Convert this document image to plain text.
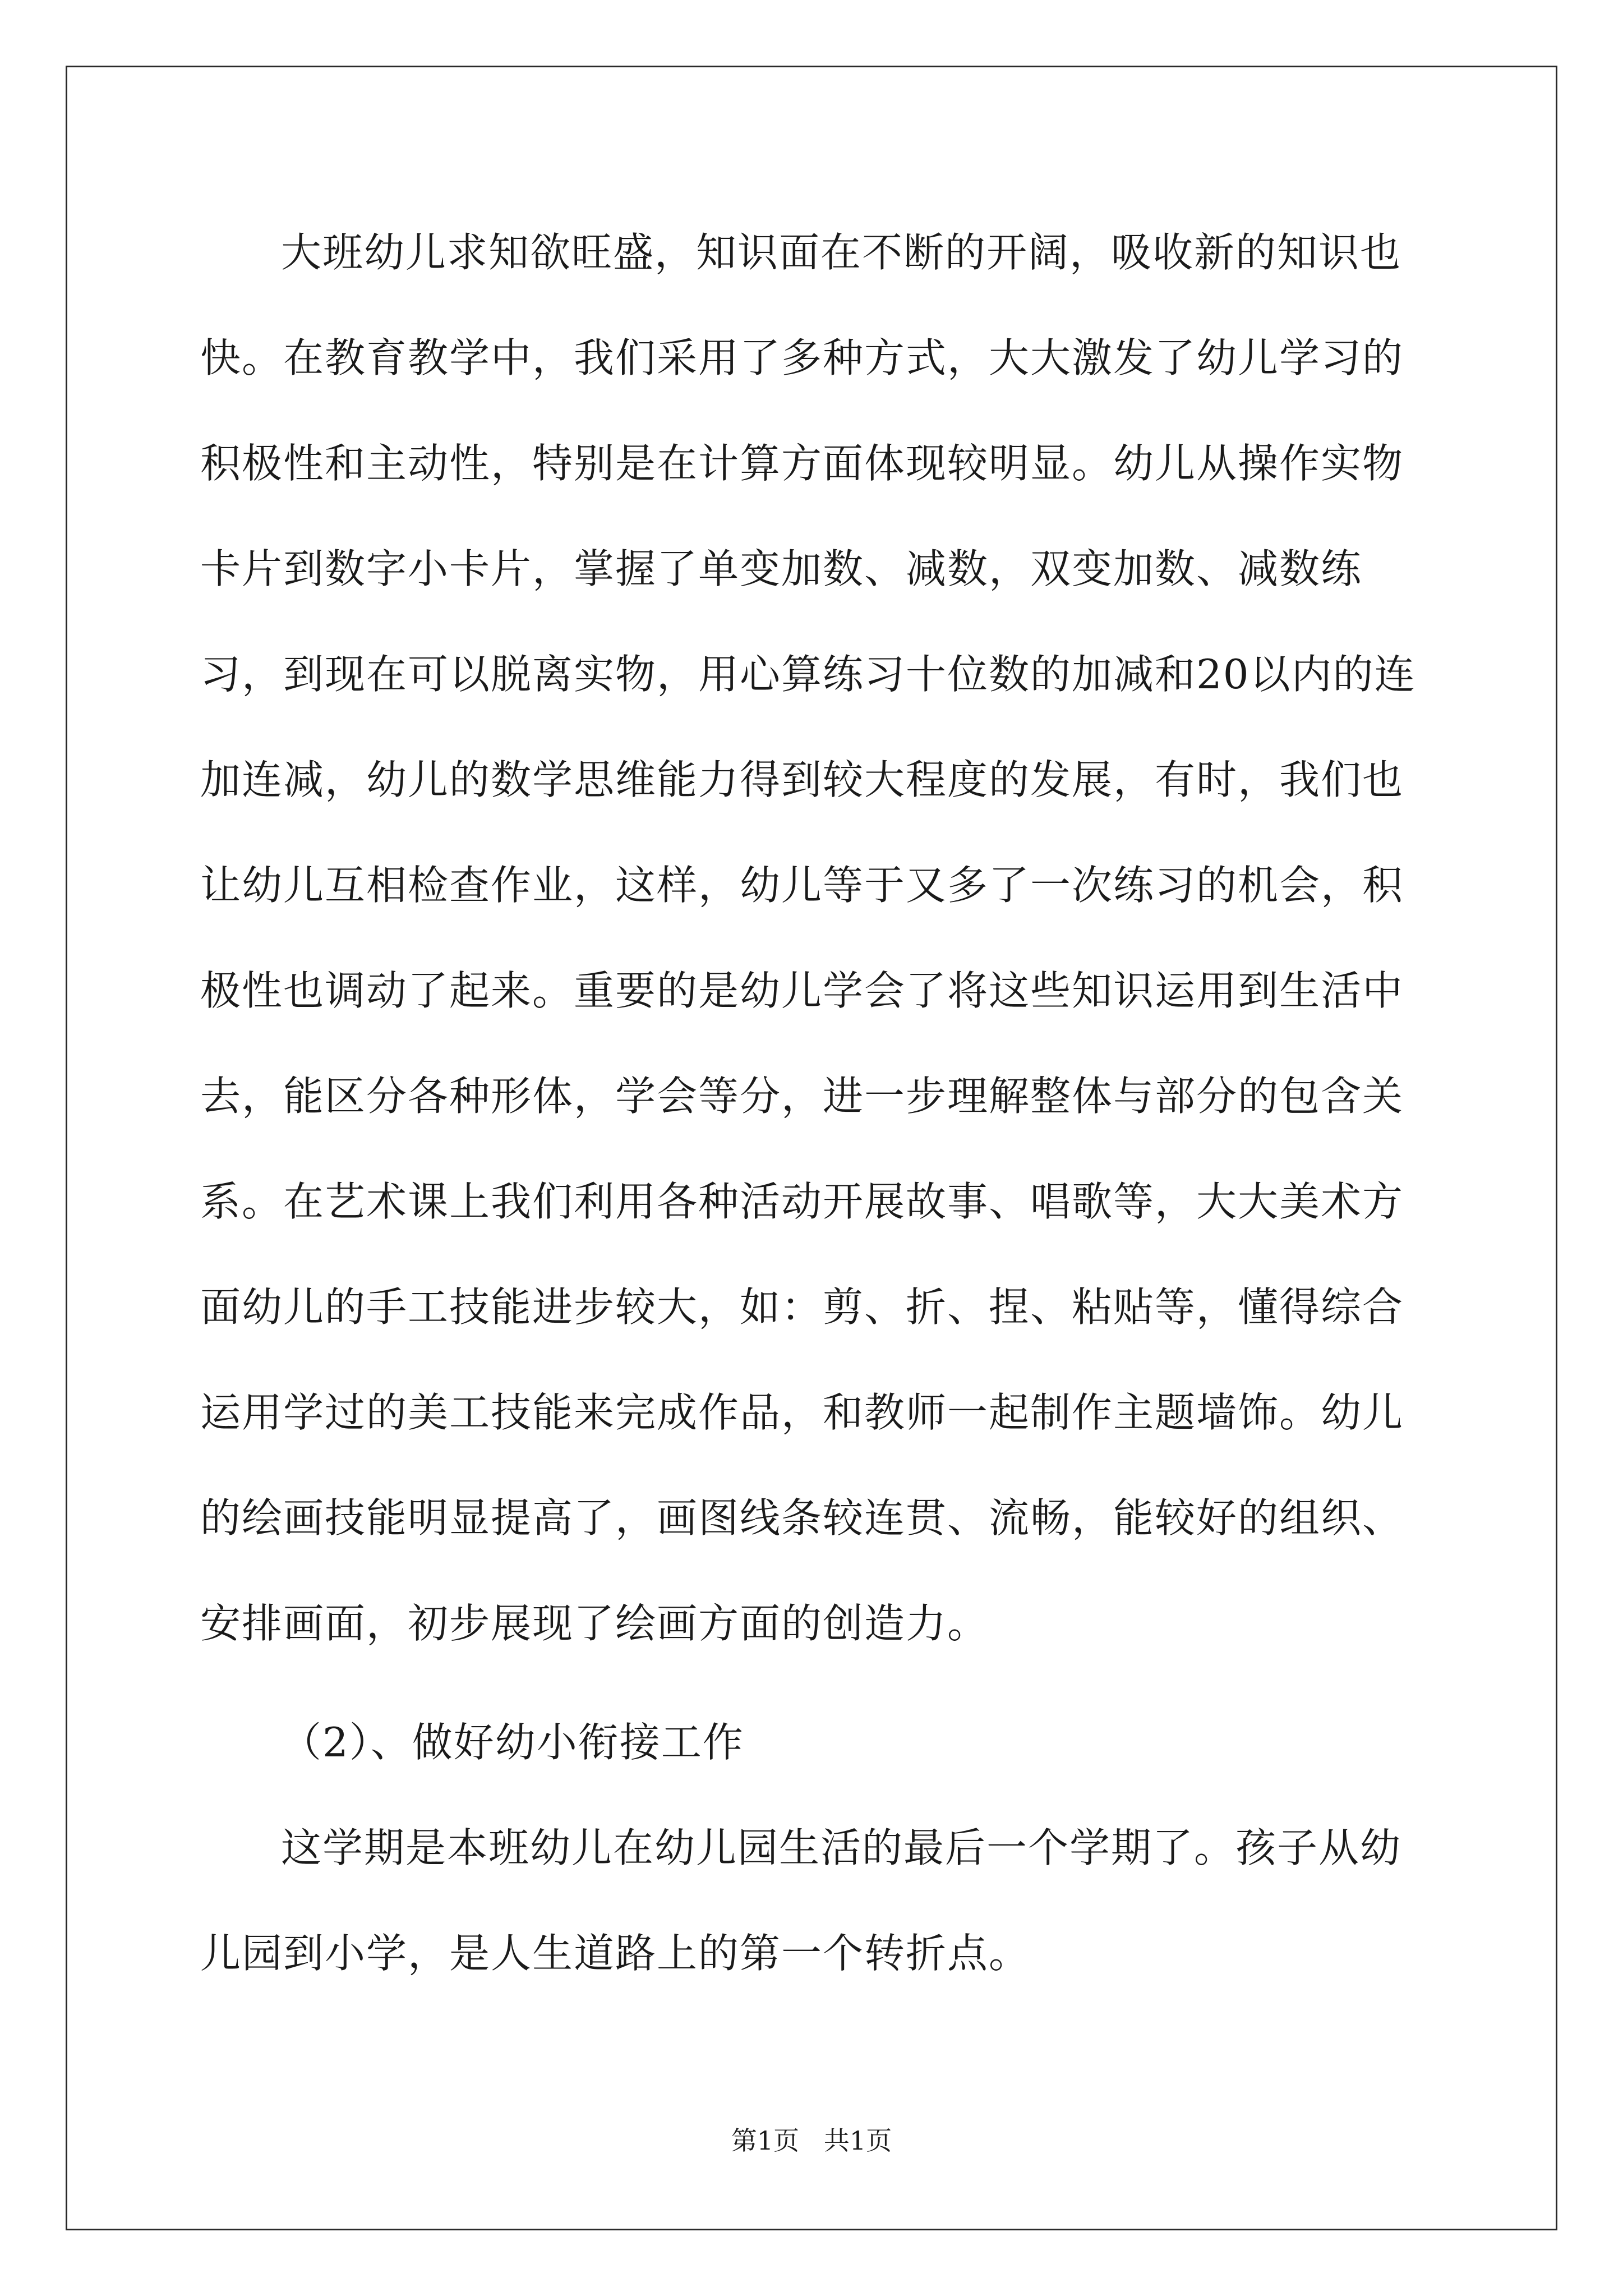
大班幼儿求知欲旺盛，知识面在不断的开阔，吸收新的知识也快。在教育教学中，我们采用了多种方式，大大激发了幼儿学习的积极性和主动性，特别是在计算方面体现较明显。幼儿从操作实物卡片到数字小卡片，掌握了单变加数、减数，双变加数、减数练习，到现在可以脱离实物，用心算练习十位数的加减和20以内的连加连减，幼儿的数学思维能力得到较大程度的发展，有时，我们也让幼儿互相检查作业，这样，幼儿等于又多了一次练习的机会，积极性也调动了起来。重要的是幼儿学会了将这些知识运用到生活中去，能区分各种形体，学会等分，进一步理解整体与部分的包含关系。在艺术课上我们利用各种活动开展故事、唱歌等，大大美术方面幼儿的手工技能进步较大，如：剪、折、捏、粘贴等，懂得综合运用学过的美工技能来完成作品，和教师一起制作主题墙饰。幼儿的绘画技能明显提高了，画图线条较连贯、流畅，能较好的组织、安排画面，初步展现了绘画方面的创造力。

（2）、做好幼小衔接工作

这学期是本班幼儿在幼儿园生活的最后一个学期了。孩子从幼儿园到小学，是人生道路上的第一个转折点。

第1页   共1页
